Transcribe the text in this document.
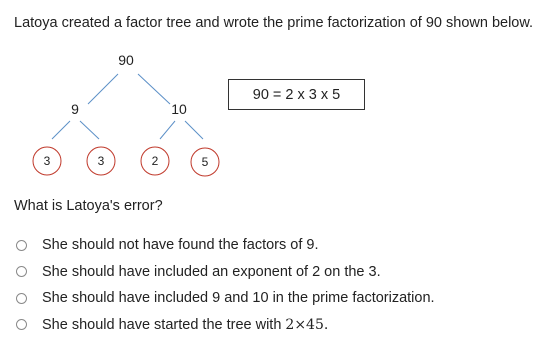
Latoya created a factor tree and wrote the prime factorization of 90 shown below.
90
9	10
3	3	2	5
90 = 2 x 3 x 5
What is Latoya's error?
She should not have found the factors of 9.
She should have included an exponent of 2 on the 3.
She should have included 9 and 10 in the prime factorization.
She should have started the tree with 2×45.
